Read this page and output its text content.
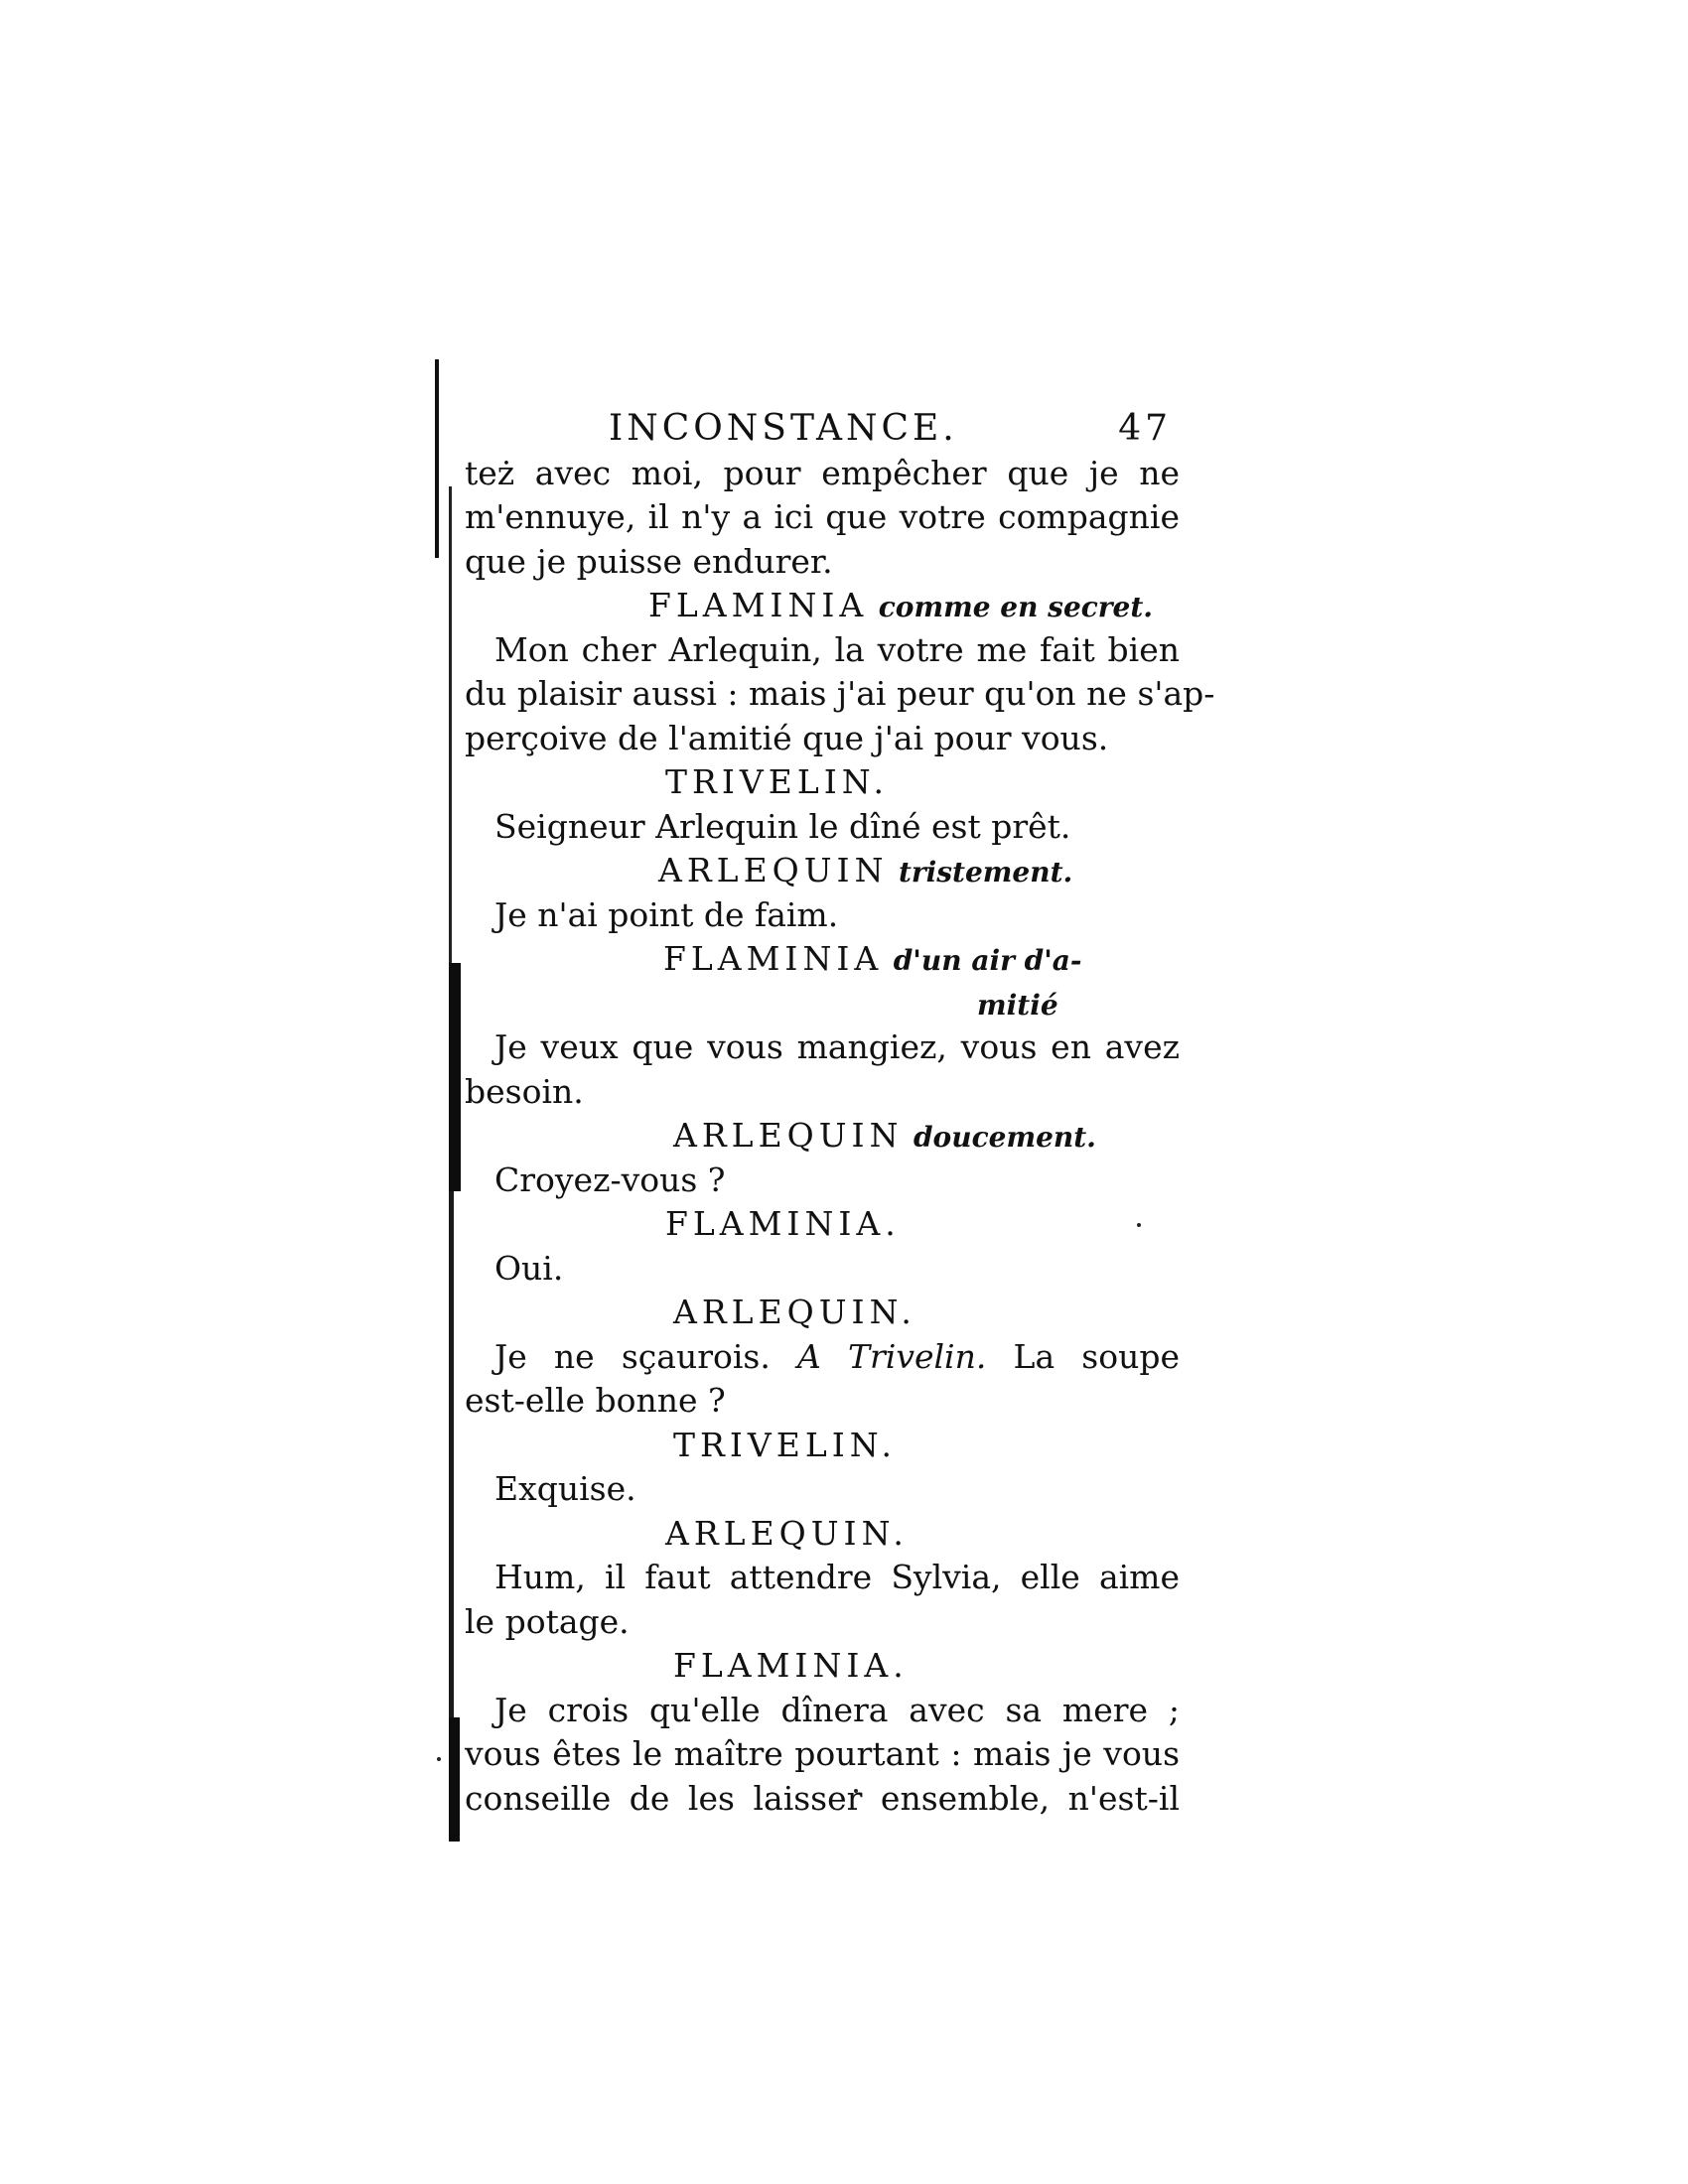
INCONSTANCE.	47
też avec moi, pour empêcher que je ne
m'ennuye, il n'y a ici que votre compagnie
que je puisse endurer.
FLAMINIA comme en secret.
Mon cher Arlequin, la votre me fait bien
du plaisir aussi : mais j'ai peur qu'on ne s'ap-
perçoive de l'amitié que j'ai pour vous.
TRIVELIN.
Seigneur Arlequin le dîné est prêt.
ARLEQUIN tristement.
Je n'ai point de faim.
FLAMINIA d'un air d'a-
mitié
Je veux que vous mangiez, vous en avez
besoin.
ARLEQUIN doucement.
Croyez-vous ?
FLAMINIA.
Oui.
ARLEQUIN.
Je ne sçaurois. A Trivelin. La soupe
est-elle bonne ?
TRIVELIN.
Exquise.
ARLEQUIN.
Hum, il faut attendre Sylvia, elle aime
le potage.
FLAMINIA.
Je crois qu'elle dînera avec sa mere ;
vous êtes le maître pourtant : mais je vous
conseille de les laisser ensemble, n'est-il
